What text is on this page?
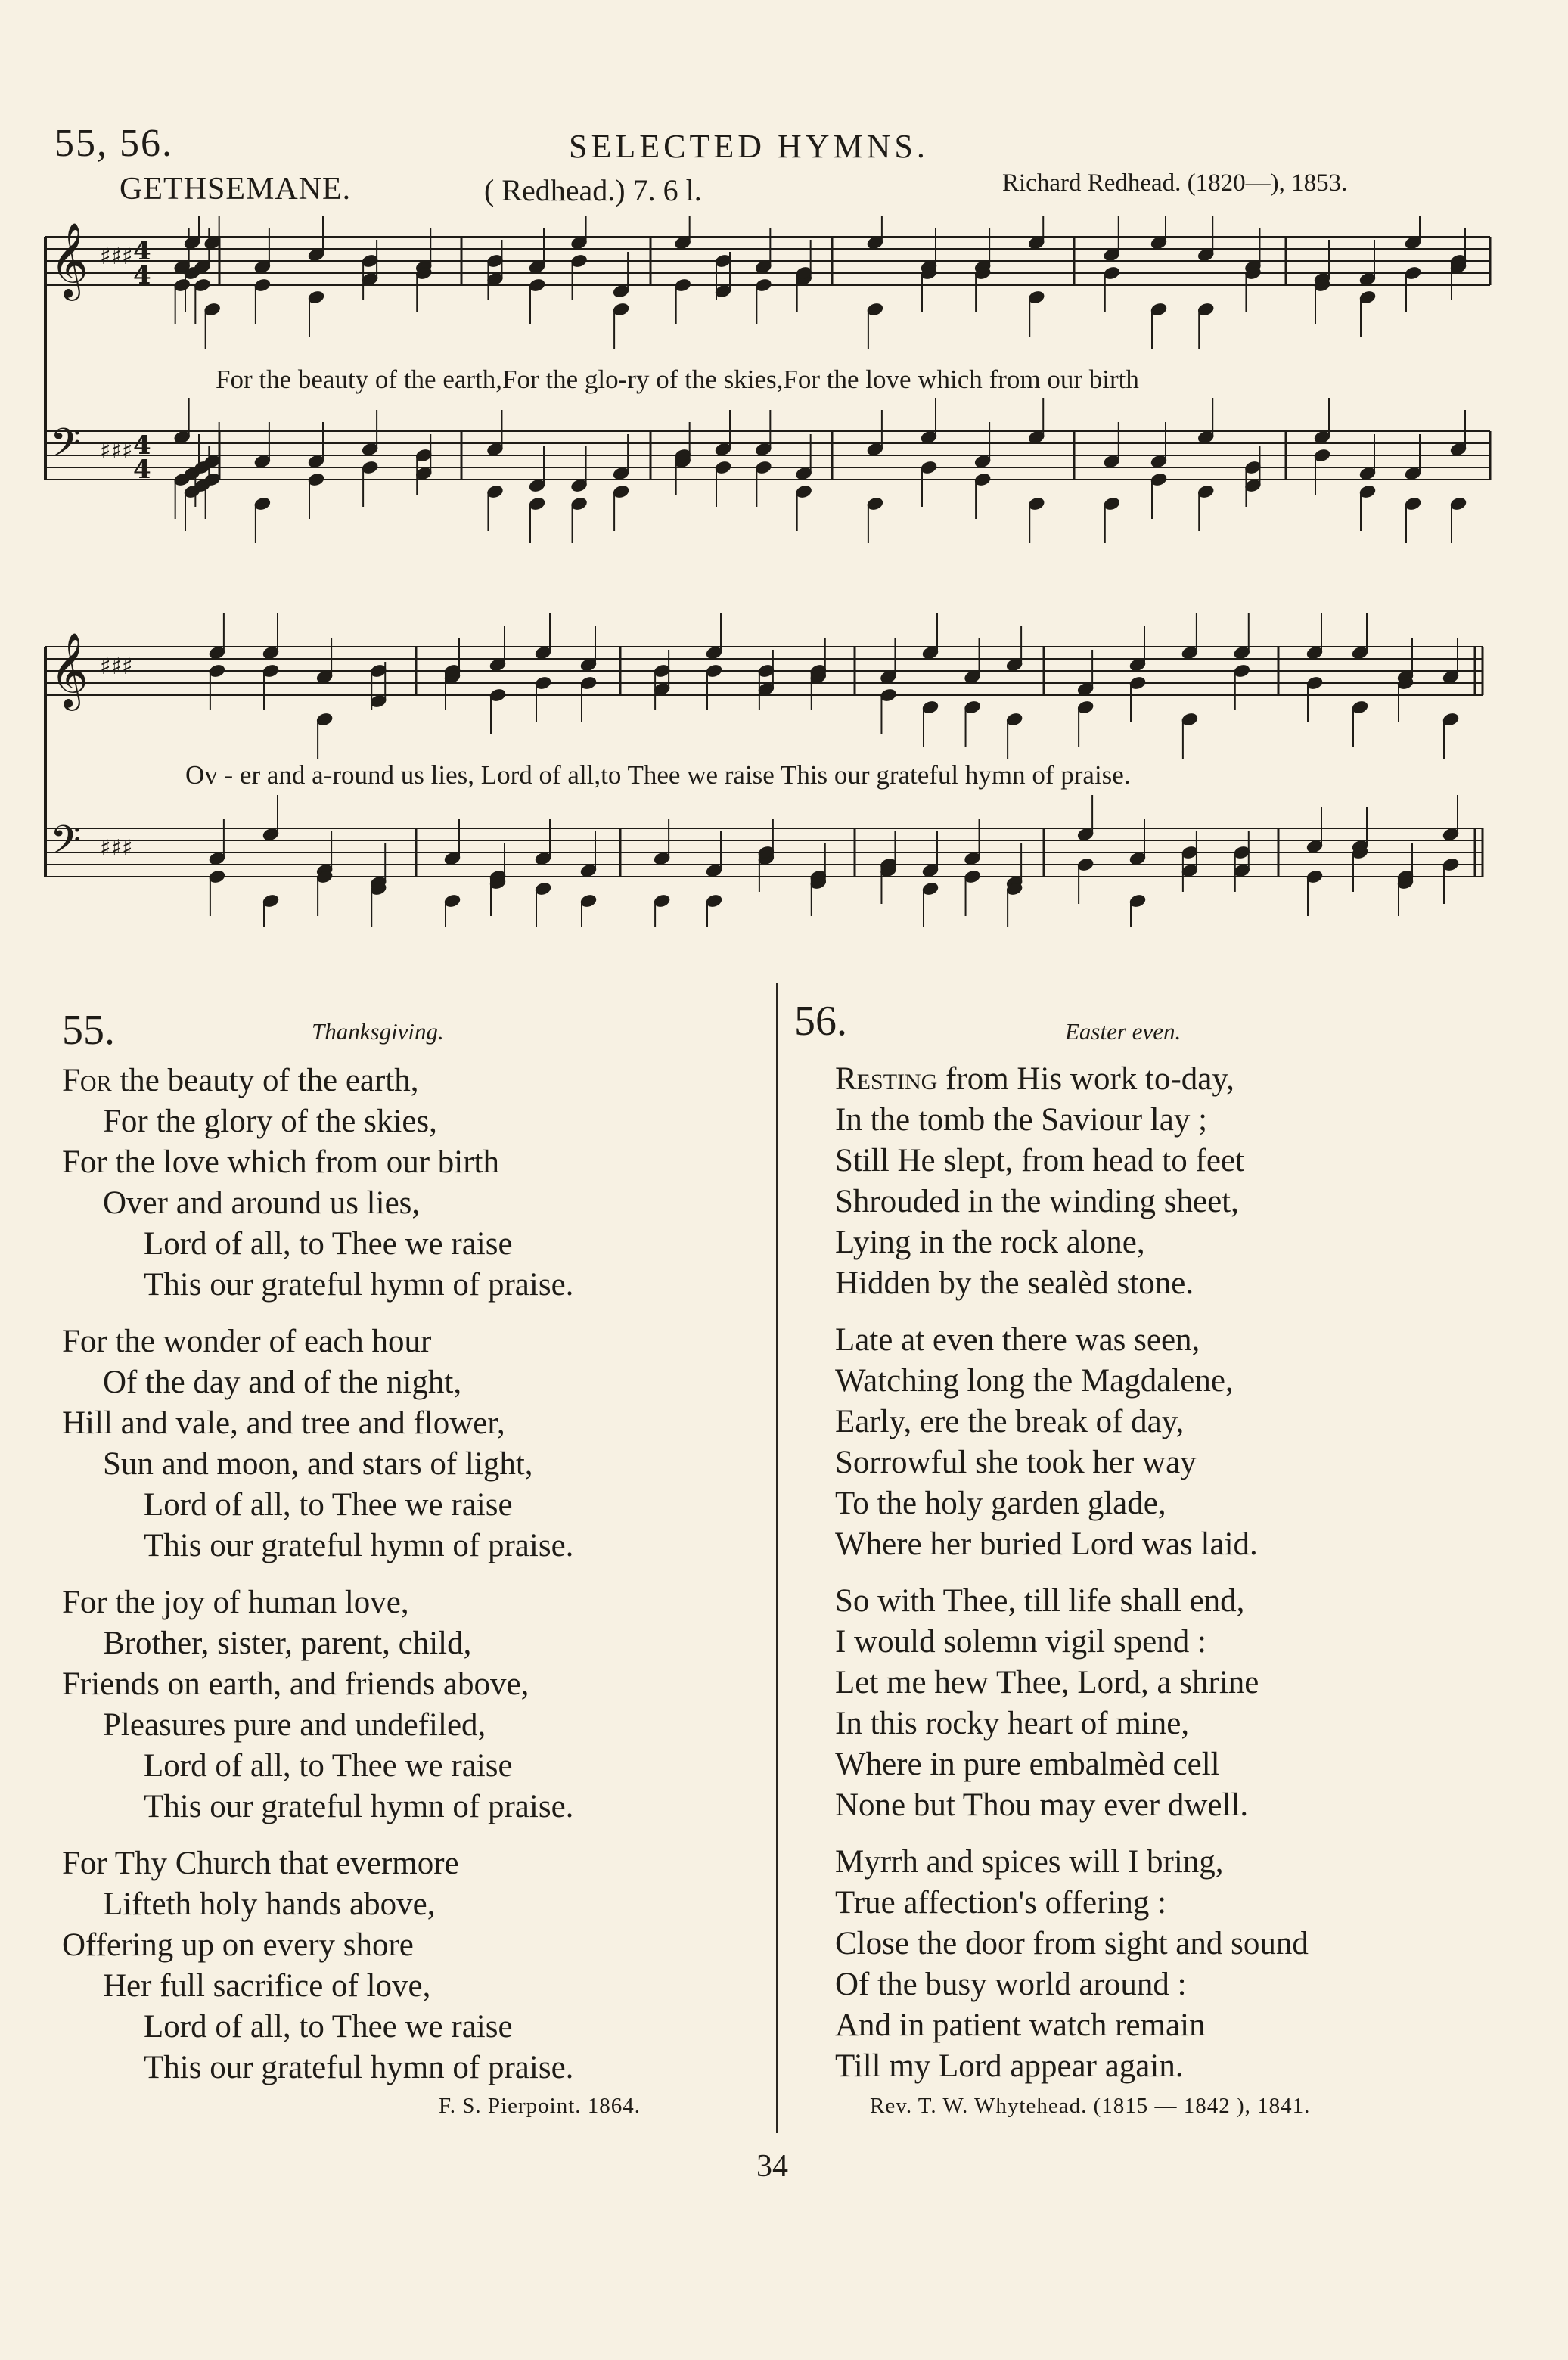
55, 56.	SELECTED HYMNS.
GETHSEMANE.	( Redhead.) 7. 6 l.	Richard Redhead. (1820—), 1853.
𝄞 ♯♯♯ 4
4
𝄢 ♯♯♯ 4
4
𝄞 ♯♯♯
𝄢 ♯♯♯
For the beauty of the earth,For the glo-ry of the skies,For the love which from our birth
Ov - er and a-round us lies, Lord of all,to Thee we raise This our grateful hymn of praise.
55.	Thanksgiving.
For the beauty of the earth,
For the glory of the skies,
For the love which from our birth
Over and around us lies,
Lord of all, to Thee we raise
This our grateful hymn of praise.
For the wonder of each hour
Of the day and of the night,
Hill and vale, and tree and flower,
Sun and moon, and stars of light,
Lord of all, to Thee we raise
This our grateful hymn of praise.
For the joy of human love,
Brother, sister, parent, child,
Friends on earth, and friends above,
Pleasures pure and undefiled,
Lord of all, to Thee we raise
This our grateful hymn of praise.
For Thy Church that evermore
Lifteth holy hands above,
Offering up on every shore
Her full sacrifice of love,
Lord of all, to Thee we raise
This our grateful hymn of praise.
F. S. Pierpoint. 1864.
56.	Easter even.
Resting from His work to-day,
In the tomb the Saviour lay ;
Still He slept, from head to feet
Shrouded in the winding sheet,
Lying in the rock alone,
Hidden by the sealèd stone.
Late at even there was seen,
Watching long the Magdalene,
Early, ere the break of day,
Sorrowful she took her way
To the holy garden glade,
Where her buried Lord was laid.
So with Thee, till life shall end,
I would solemn vigil spend :
Let me hew Thee, Lord, a shrine
In this rocky heart of mine,
Where in pure embalmèd cell
None but Thou may ever dwell.
Myrrh and spices will I bring,
True affection's offering :
Close the door from sight and sound
Of the busy world around :
And in patient watch remain
Till my Lord appear again.
Rev. T. W. Whytehead. (1815 — 1842 ), 1841.
34
